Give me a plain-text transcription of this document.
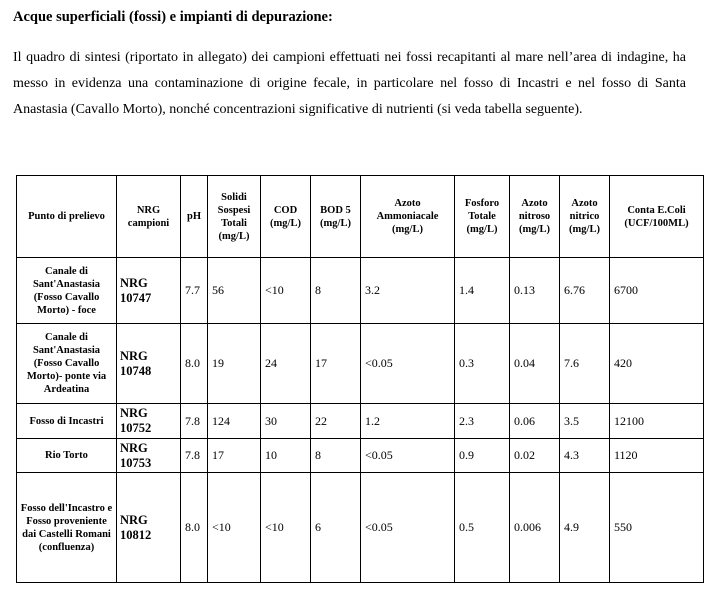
Acque superficiali (fossi) e impianti di depurazione:

Il quadro di sintesi (riportato in allegato) dei campioni effettuati nei fossi recapitanti al mare nell’area di indagine, ha messo in evidenza una contaminazione di origine fecale, in particolare nel fosso di Incastri e nel fosso di Santa Anastasia (Cavallo Morto), nonché concentrazioni significative di nutrienti (si veda tabella seguente).

Punto di prelievo	NRG campioni	pH	Solidi Sospesi Totali (mg/L)	COD (mg/L)	BOD 5 (mg/L)	Azoto Ammoniacale (mg/L)	Fosforo Totale (mg/L)	Azoto nitroso (mg/L)	Azoto nitrico (mg/L)	Conta E.Coli (UCF/100ML)
Canale di Sant'Anastasia (Fosso Cavallo Morto) - foce	NRG 10747	7.7	56	<10	8	3.2	1.4	0.13	6.76	6700
Canale di Sant'Anastasia (Fosso Cavallo Morto)- ponte via Ardeatina	NRG 10748	8.0	19	24	17	<0.05	0.3	0.04	7.6	420
Fosso di Incastri	NRG 10752	7.8	124	30	22	1.2	2.3	0.06	3.5	12100
Rio Torto	NRG 10753	7.8	17	10	8	<0.05	0.9	0.02	4.3	1120
Fosso dell'Incastro e Fosso proveniente dai Castelli Romani (confluenza)	NRG 10812	8.0	<10	<10	6	<0.05	0.5	0.006	4.9	550
